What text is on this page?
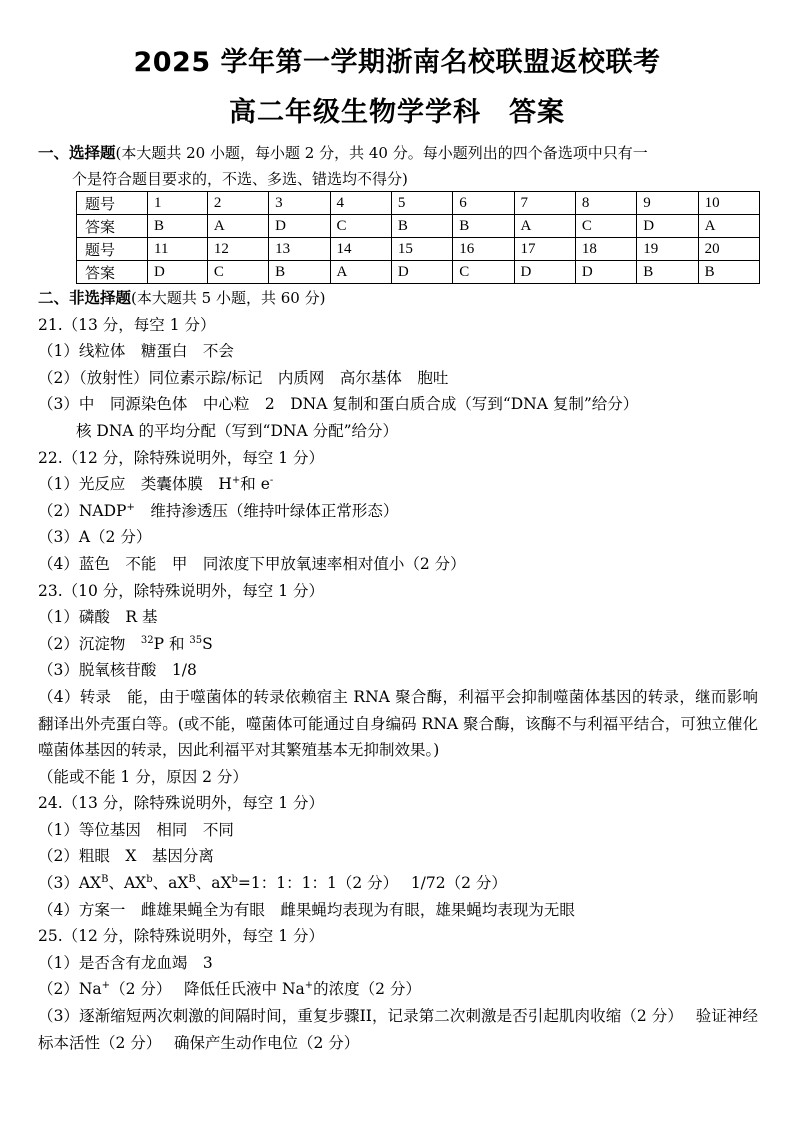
2025 学年第一学期浙南名校联盟返校联考
高二年级生物学学科 答案
一、选择题(本大题共 20 小题，每小题 2 分，共 40 分。每小题列出的四个备选项中只有一
个是符合题目要求的，不选、多选、错选均不得分)
题号	1	2	3	4	5	6	7	8	9	10
答案	B	A	D	C	B	B	A	C	D	A
题号	11	12	13	14	15	16	17	18	19	20
答案	D	C	B	A	D	C	D	D	B	B
二、非选择题(本大题共 5 小题，共 60 分)
21.（13 分，每空 1 分）
（1）线粒体　糖蛋白　不会
（2）（放射性）同位素示踪/标记　内质网　高尔基体　胞吐
（3）中　同源染色体　中心粒　2　DNA 复制和蛋白质合成（写到“DNA 复制”给分）
核 DNA 的平均分配（写到“DNA 分配”给分）
22.（12 分，除特殊说明外，每空 1 分）
（1）光反应　类囊体膜　H+和 e-
（2）NADP+　维持渗透压（维持叶绿体正常形态）
（3）A（2 分）
（4）蓝色　不能　甲　同浓度下甲放氧速率相对值小（2 分）
23.（10 分，除特殊说明外，每空 1 分）
（1）磷酸　R 基
（2）沉淀物　$^{32}$P 和 $^{35}$S
（3）脱氧核苷酸　1/8
（4）转录　能，由于噬菌体的转录依赖宿主 RNA 聚合酶，利福平会抑制噬菌体基因的转录，继而影响翻译出外壳蛋白等。(或不能，噬菌体可能通过自身编码 RNA 聚合酶，该酶不与利福平结合，可独立催化噬菌体基因的转录，因此利福平对其繁殖基本无抑制效果。)
（能或不能 1 分，原因 2 分）
24.（13 分，除特殊说明外，每空 1 分）
（1）等位基因　相同　不同
（2）粗眼　X　基因分离
$(3)AX^B$、$AX^b$、$aX^B$、$aX^b=1$：1：1：1（2 分）　 1/72（2 分）
（4）方案一　雌雄果蝇全为有眼　雌果蝇均表现为有眼，雄果蝇均表现为无眼
25.（12 分，除特殊说明外，每空 1 分）
（1）是否含有龙血竭　3
（2）Na+（2 分）　 降低任氏液中 Na+的浓度（2 分）
（3）逐渐缩短两次刺激的间隔时间，重复步骤II，记录第二次刺激是否引起肌肉收缩（2 分）　 验证神经标本活性（2 分）　 确保产生动作电位（2 分）
